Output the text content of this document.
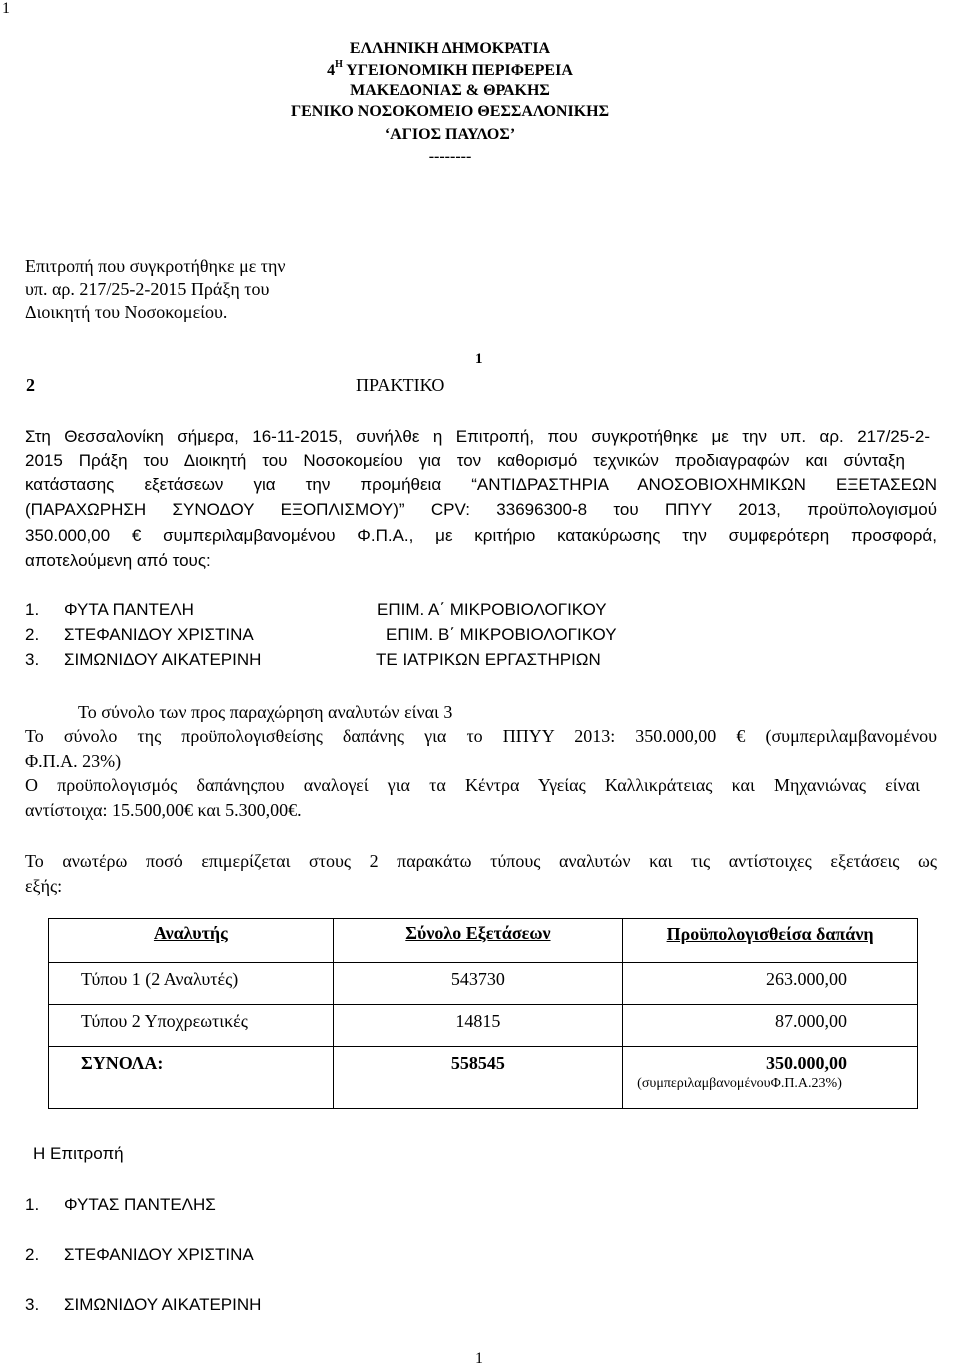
1
ΕΛΛΗΝΙΚΗ ΔΗΜΟΚΡΑΤΙΑ
$4^H$ ΥΓΕΙΟΝΟΜΙΚΗ ΠΕΡΙΦΕΡΕΙΑ
ΜΑΚΕΔΟΝΙΑΣ & ΘΡΑΚΗΣ
ΓΕΝΙΚΟ ΝΟΣΟΚΟΜΕΙΟ ΘΕΣΣΑΛΟΝΙΚΗΣ
‘ΑΓΙΟΣ ΠΑΥΛΟΣ’
--------
Επιτροπή που συγκροτήθηκε με την
υπ. αρ. 217/25-2-2015 Πράξη του
Διοικητή του Νοσοκομείου.
1
2	ΠΡΑΚΤΙΚΟ
Στη Θεσσαλονίκη σήμερα, 16-11-2015, συνήλθε η Επιτροπή, που συγκροτήθηκε με την υπ. αρ. 217/25-2-
2015 Πράξη του Διοικητή του Νοσοκομείου για τον καθορισμό τεχνικών προδιαγραφών και σύνταξη
κατάστασης εξετάσεων για την προμήθεια “ΑΝΤΙΔΡΑΣΤΗΡΙΑ ΑΝΟΣΟΒΙΟΧΗΜΙΚΩΝ ΕΞΕΤΑΣΕΩΝ
(ΠΑΡΑΧΩΡΗΣΗ ΣΥΝΟΔΟΥ ΕΞΟΠΛΙΣΜΟΥ)” CPV: 33696300-8 του ΠΠΥΥ 2013, προϋπολογισμού
350.000,00 € συμπεριλαμβανομένου Φ.Π.Α., με κριτήριο κατακύρωσης την συμφερότερη προσφορά,
αποτελούμενη από τους:
1. ΦΥΤΑ ΠΑΝΤΕΛΗ	ΕΠΙΜ. Α΄ ΜΙΚΡΟΒΙΟΛΟΓΙΚΟΥ
2. ΣΤΕΦΑΝΙΔΟΥ ΧΡΙΣΤΙΝΑ	ΕΠΙΜ. Β΄ ΜΙΚΡΟΒΙΟΛΟΓΙΚΟΥ
3. ΣΙΜΩΝΙΔΟΥ ΑΙΚΑΤΕΡΙΝΗ	ΤΕ ΙΑΤΡΙΚΩΝ ΕΡΓΑΣΤΗΡΙΩΝ
Το σύνολο των προς παραχώρηση αναλυτών είναι 3
Το σύνολο της προϋπολογισθείσης δαπάνης για το ΠΠΥΥ 2013: 350.000,00 € (συμπεριλαμβανομένου
Φ.Π.Α. 23%)
Ο προϋπολογισμός δαπάνηςπου αναλογεί για τα Κέντρα Υγείας Καλλικράτειας και Μηχανιώνας είναι
αντίστοιχα: 15.500,00€ και 5.300,00€.
Το ανωτέρω ποσό επιμερίζεται στους 2 παρακάτω τύπους αναλυτών και τις αντίστοιχες εξετάσεις ως
εξής:
Αναλυτής	Σύνολο Εξετάσεων	Προϋπολογισθείσα δαπάνη
Τύπου 1 (2 Αναλυτές)	543730	263.000,00
Τύπου 2 Υποχρεωτικές	14815	87.000,00
ΣΥΝΟΛΑ:	558545	350.000,00
(συμπεριλαμβανομένουΦ.Π.Α.23%)
Η Επιτροπή
1. ΦΥΤΑΣ ΠΑΝΤΕΛΗΣ
2. ΣΤΕΦΑΝΙΔΟΥ ΧΡΙΣΤΙΝΑ
3. ΣΙΜΩΝΙΔΟΥ ΑΙΚΑΤΕΡΙΝΗ
1
